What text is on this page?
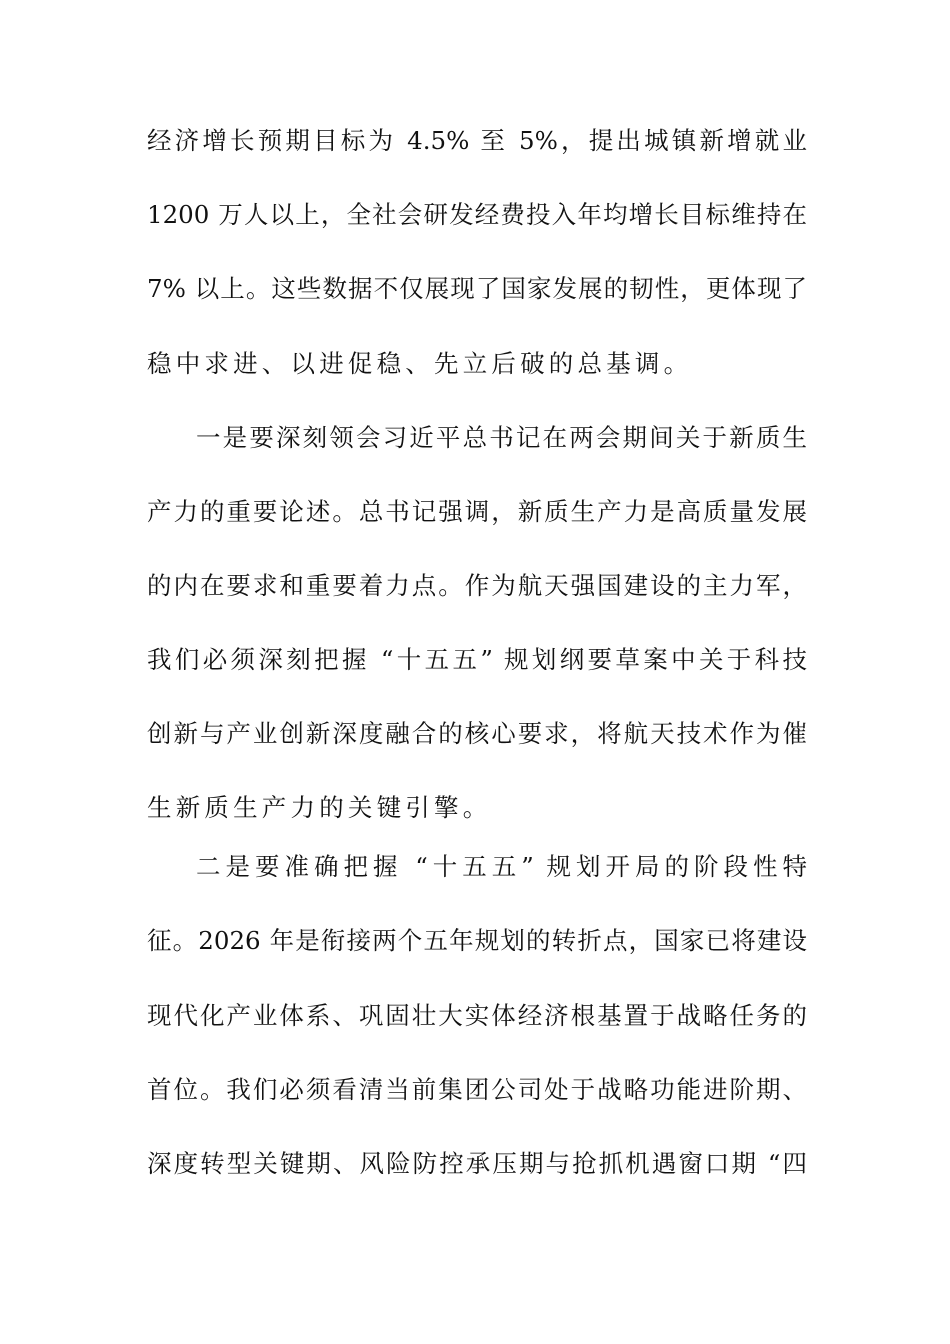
经济增长预期目标为 4.5% 至 5%，提出城镇新增就业
1200 万人以上，全社会研发经费投入年均增长目标维持在
7% 以上。这些数据不仅展现了国家发展的韧性，更体现了
稳中求进、以进促稳、先立后破的总基调。
一是要深刻领会习近平总书记在两会期间关于新质生
产力的重要论述。总书记强调，新质生产力是高质量发展
的内在要求和重要着力点。作为航天强国建设的主力军，
我们必须深刻把握 “十五五” 规划纲要草案中关于科技
创新与产业创新深度融合的核心要求，将航天技术作为催
生新质生产力的关键引擎。
二是要准确把握 “十五五” 规划开局的阶段性特
征。2026 年是衔接两个五年规划的转折点，国家已将建设
现代化产业体系、巩固壮大实体经济根基置于战略任务的
首位。我们必须看清当前集团公司处于战略功能进阶期、
深度转型关键期、风险防控承压期与抢抓机遇窗口期 “四
